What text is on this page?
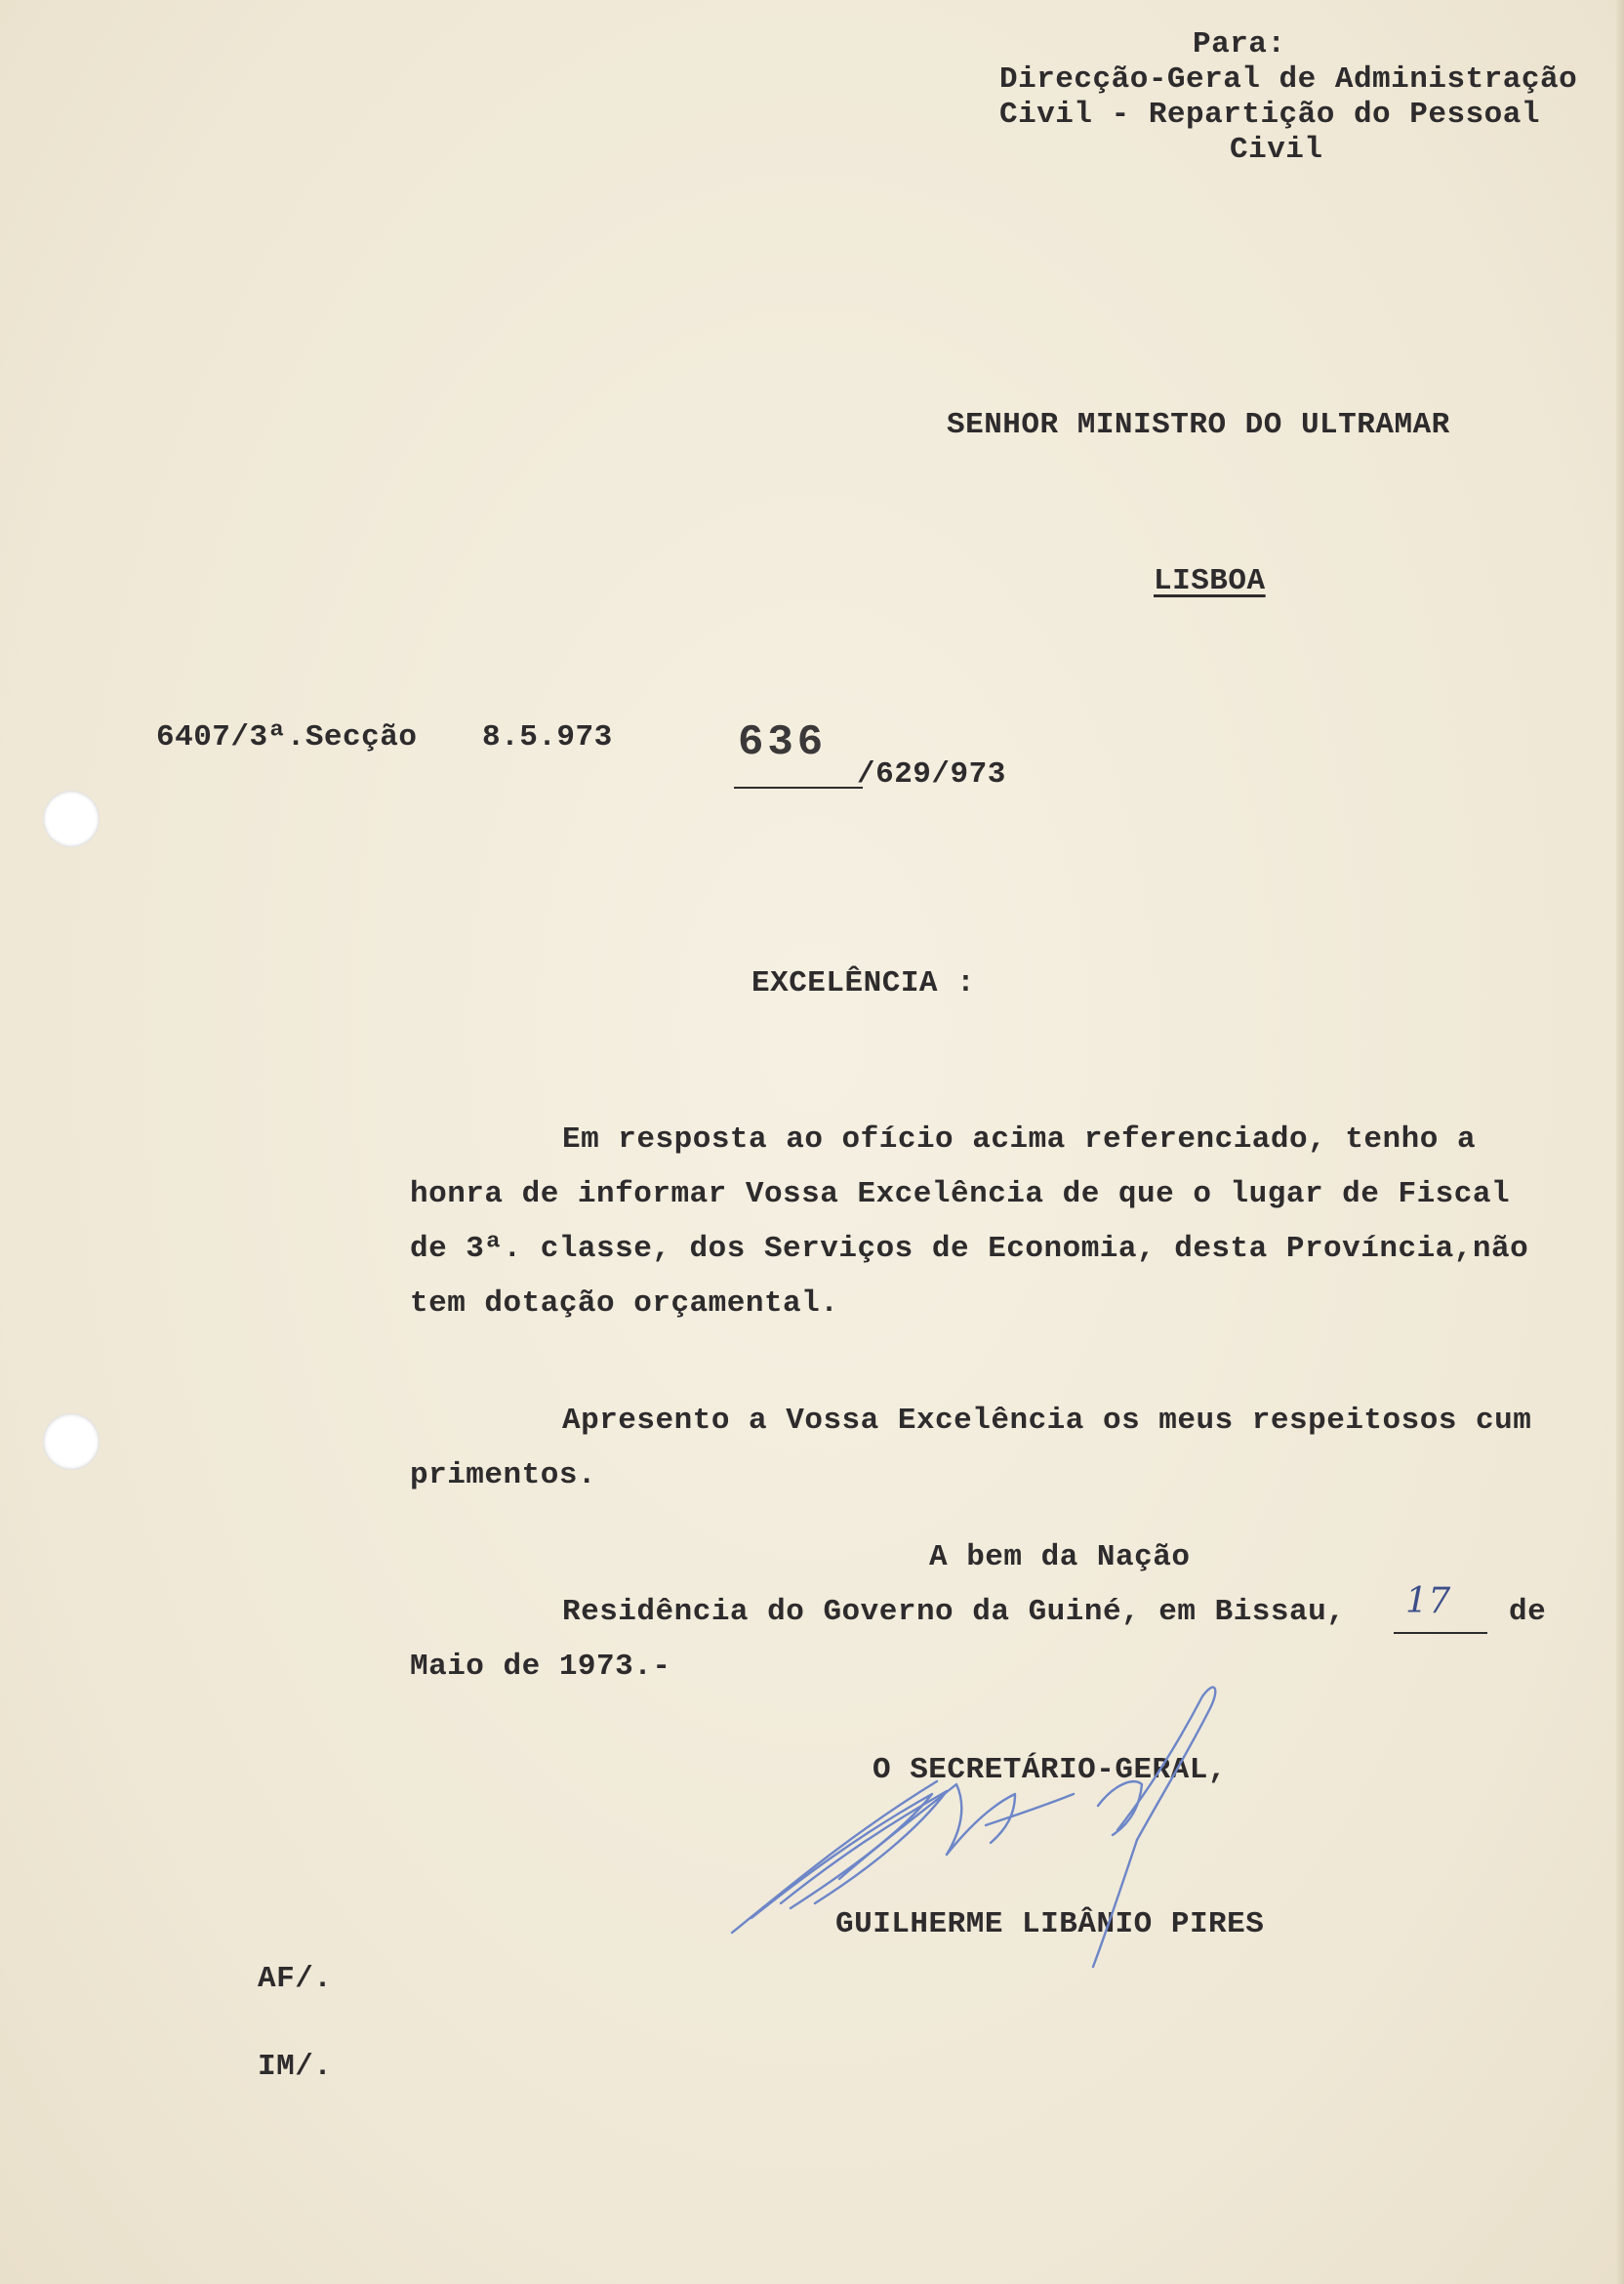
Para:
Direcção-Geral de Administração
Civil - Repartição do Pessoal
Civil
SENHOR MINISTRO DO ULTRAMAR
LISBOA
6407/3ª.Secção 8.5.973	636
/629/973
EXCELÊNCIA :
Em resposta ao ofício acima referenciado, tenho a
honra de informar Vossa Excelência de que o lugar de Fiscal
de 3ª. classe, dos Serviços de Economia, desta Província,não
tem dotação orçamental.
Apresento a Vossa Excelência os meus respeitosos cum
primentos.
A bem da Nação
Residência do Governo da Guiné, em Bissau, 17 de
Maio de 1973.-
O SECRETÁRIO-GERAL,
GUILHERME LIBÂNIO PIRES
AF/.
IM/.
